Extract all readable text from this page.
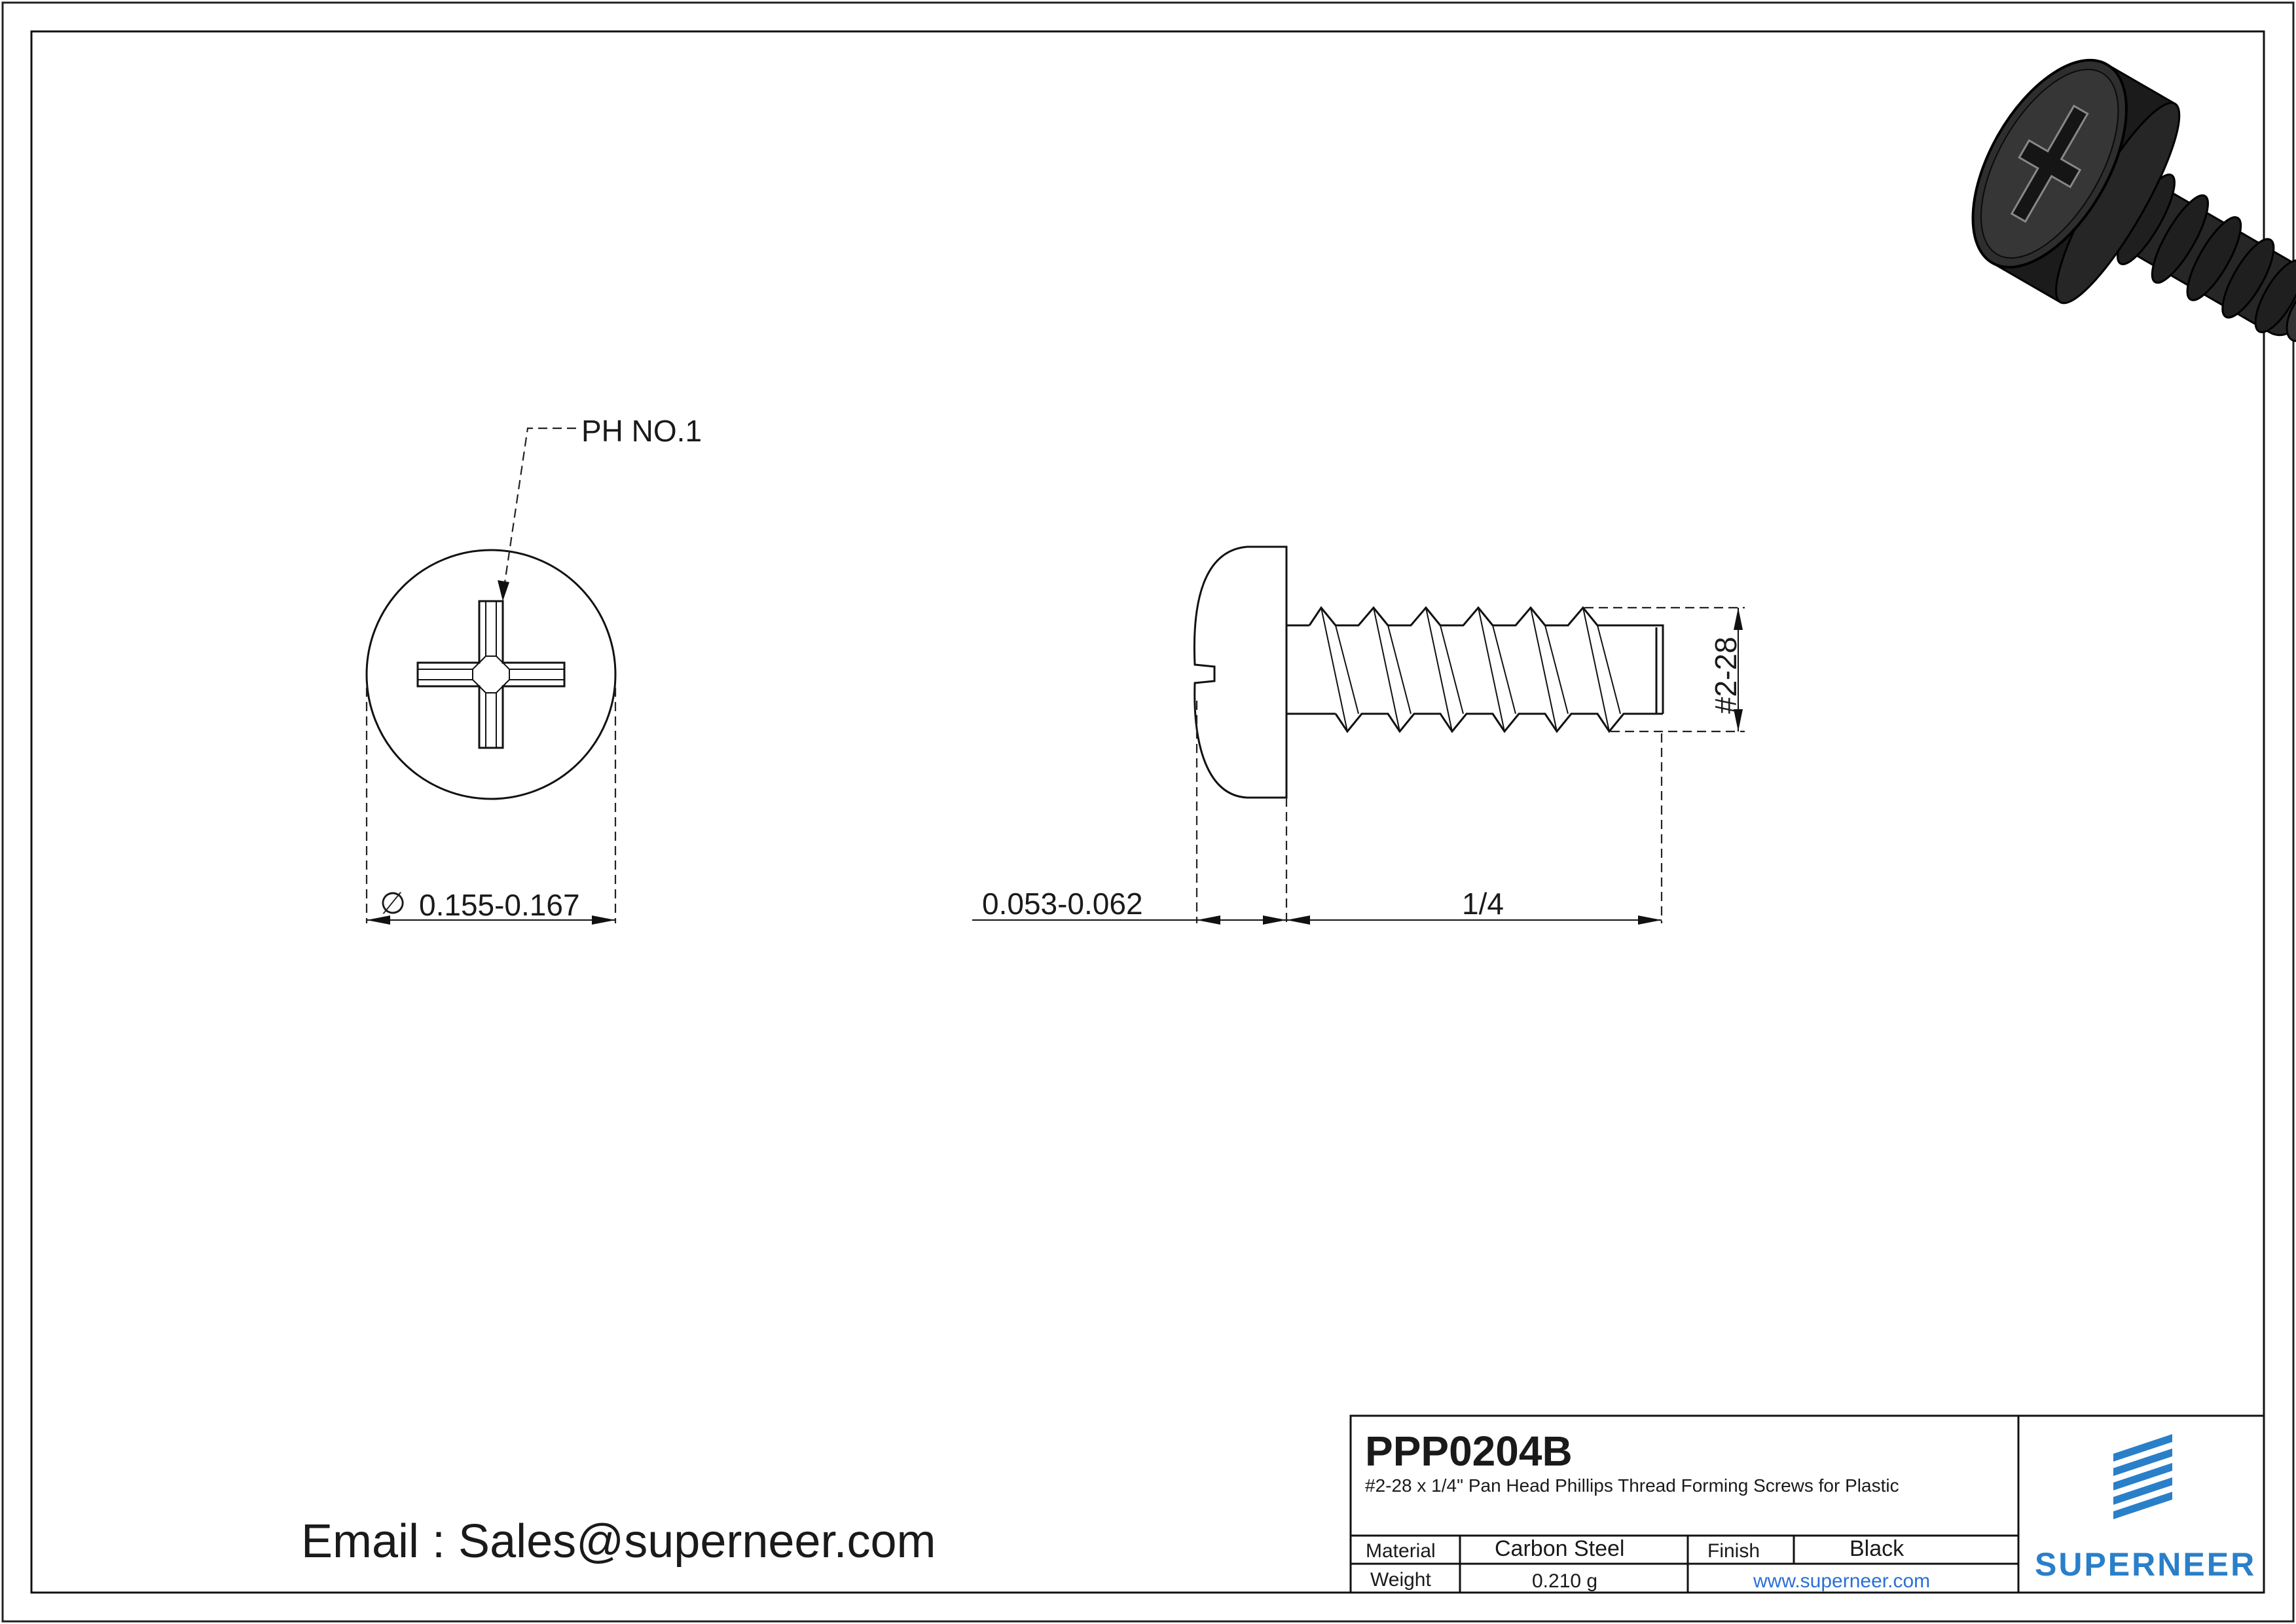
PH NO.1
∅ 0.155-0.167
#2-28
0.053-0.062	1/4
Email : Sales@superneer.com
PPP0204B
#2-28 x 1/4" Pan Head Phillips Thread Forming Screws for Plastic
Material	Carbon Steel	Finish	Black
Weight	0.210 g	www.superneer.com	SUPERNEER
